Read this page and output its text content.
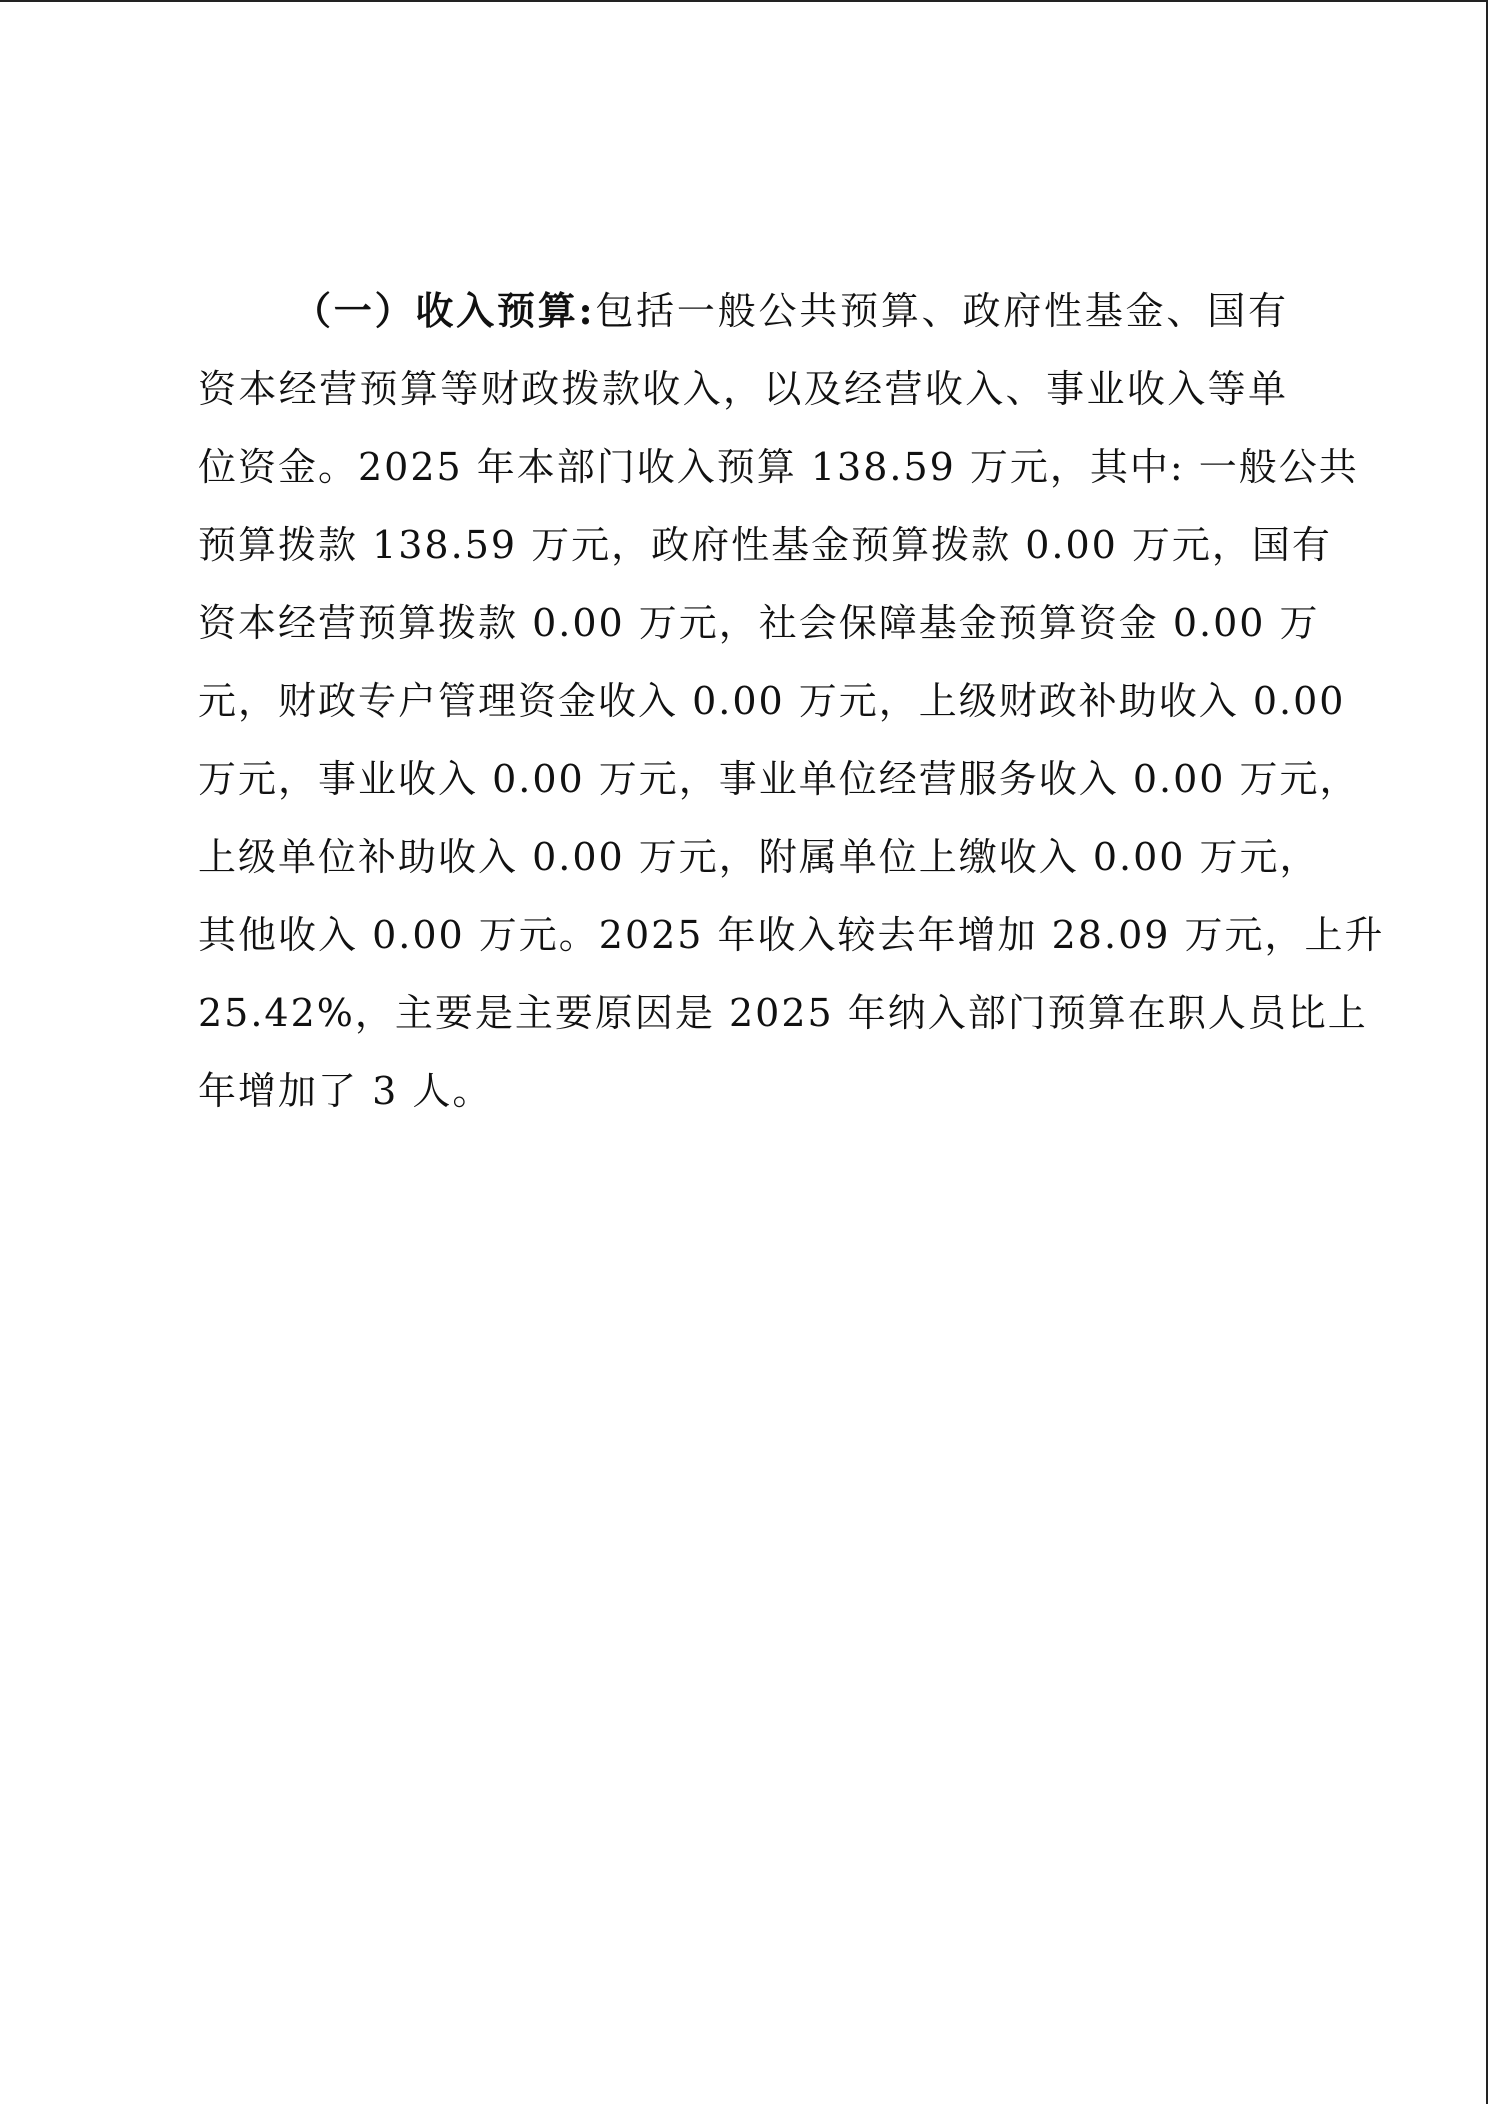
（一）收入预算:包括一般公共预算、政府性基金、国有
资本经营预算等财政拨款收入，以及经营收入、事业收入等单
位资金。2025 年本部门收入预算 138.59 万元，其中: 一般公共
预算拨款 138.59 万元，政府性基金预算拨款 0.00 万元，国有
资本经营预算拨款 0.00 万元，社会保障基金预算资金 0.00 万
元，财政专户管理资金收入 0.00 万元，上级财政补助收入 0.00
万元，事业收入 0.00 万元，事业单位经营服务收入 0.00 万元，
上级单位补助收入 0.00 万元，附属单位上缴收入 0.00 万元，
其他收入 0.00 万元。2025 年收入较去年增加 28.09 万元，上升
25.42%，主要是主要原因是 2025 年纳入部门预算在职人员比上
年增加了 3 人。
